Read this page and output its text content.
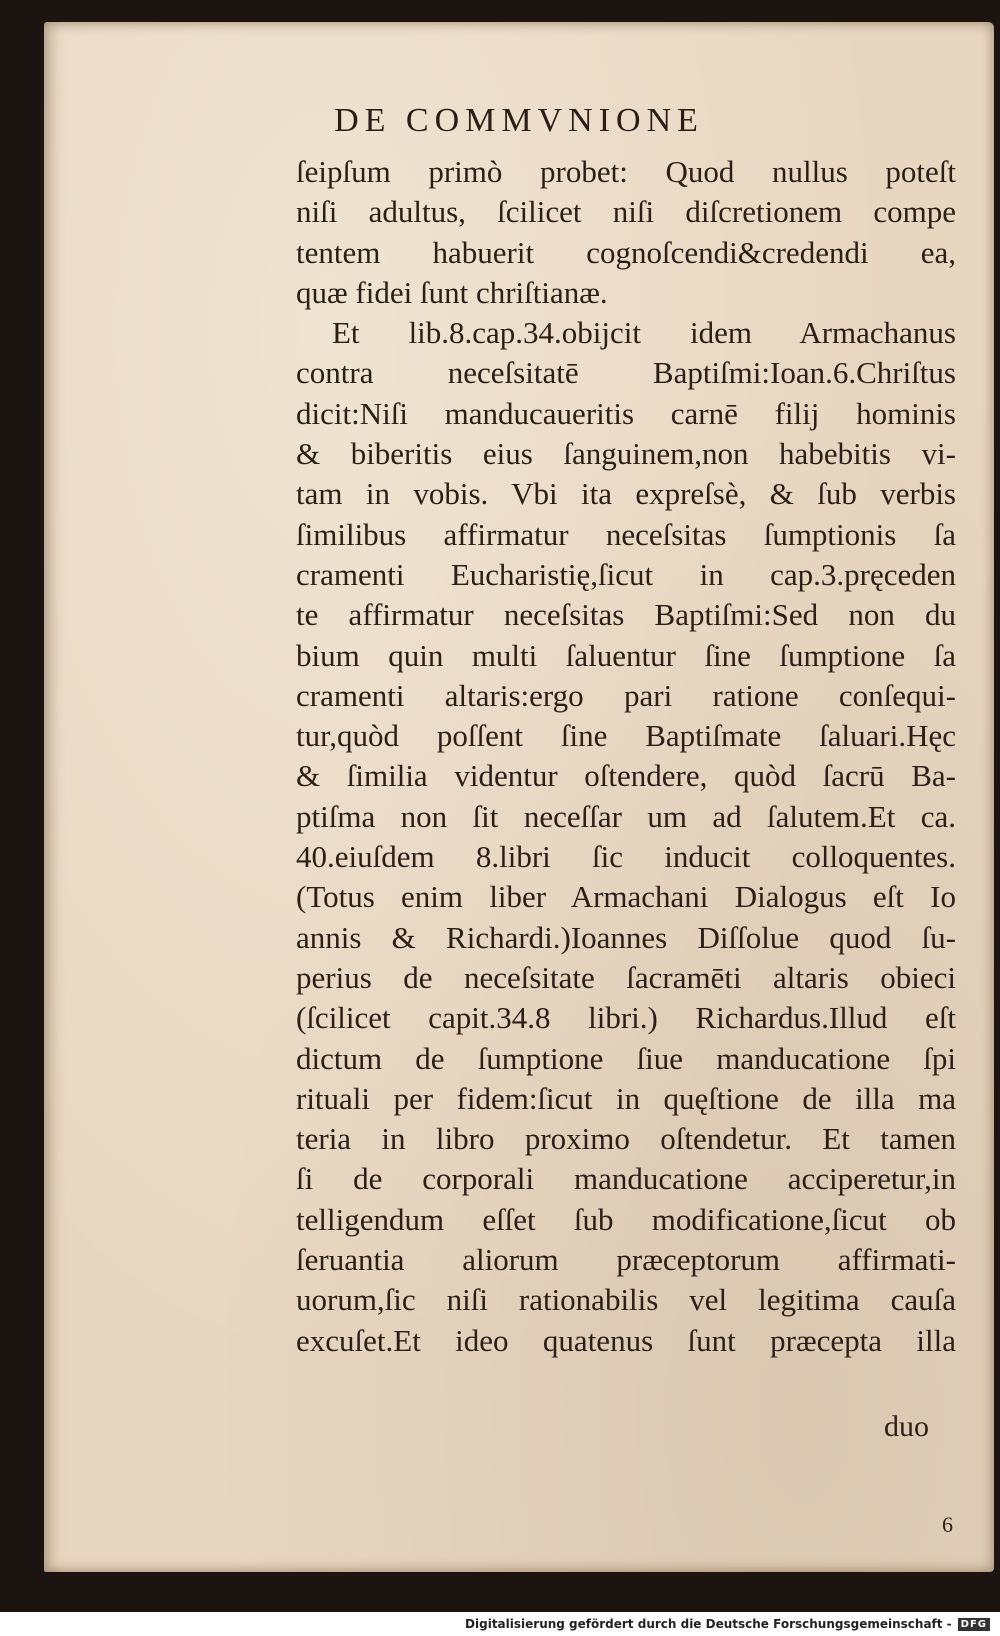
DE COMMVNIONE
ſeipſum primò probet: Quod nullus poteſt
niſi adultus, ſcilicet niſi diſcretionem compe
tentem habuerit cognoſcendi&credendi ea,
quæ fidei ſunt chriſtianæ.
Et lib.8.cap.34.obijcit idem Armachanus
contra neceſsitatē Baptiſmi:Ioan.6.Chriſtus
dicit:Niſi manducaueritis carnē filij hominis
& biberitis eius ſanguinem,non habebitis vi-
tam in vobis. Vbi ita expreſsè, & ſub verbis
ſimilibus affirmatur neceſsitas ſumptionis ſa
cramenti Eucharistię,ſicut in cap.3.pręceden
te affirmatur neceſsitas Baptiſmi:Sed non du
bium quin multi ſaluentur ſine ſumptione ſa
cramenti altaris:ergo pari ratione conſequi-
tur,quòd poſſent ſine Baptiſmate ſaluari.Hęc
& ſimilia videntur oſtendere, quòd ſacrū Ba-
ptiſma non ſit neceſſar um ad ſalutem.Et ca.
40.eiuſdem 8.libri ſic inducit colloquentes.
(Totus enim liber Armachani Dialogus eſt Io
annis & Richardi.)Ioannes Diſſolue quod ſu-
perius de neceſsitate ſacramēti altaris obieci
(ſcilicet capit.34.8 libri.) Richardus.Illud eſt
dictum de ſumptione ſiue manducatione ſpi
rituali per fidem:ſicut in quęſtione de illa ma
teria in libro proximo oſtendetur. Et tamen
ſi de corporali manducatione acciperetur,in
telligendum eſſet ſub modificatione,ſicut ob
ſeruantia aliorum præceptorum affirmati-
uorum,ſic niſi rationabilis vel legitima cauſa
excuſet.Et ideo quatenus ſunt præcepta illa
duo
6
Digitalisierung gefördert durch die Deutsche Forschungsgemeinschaft - DFG
